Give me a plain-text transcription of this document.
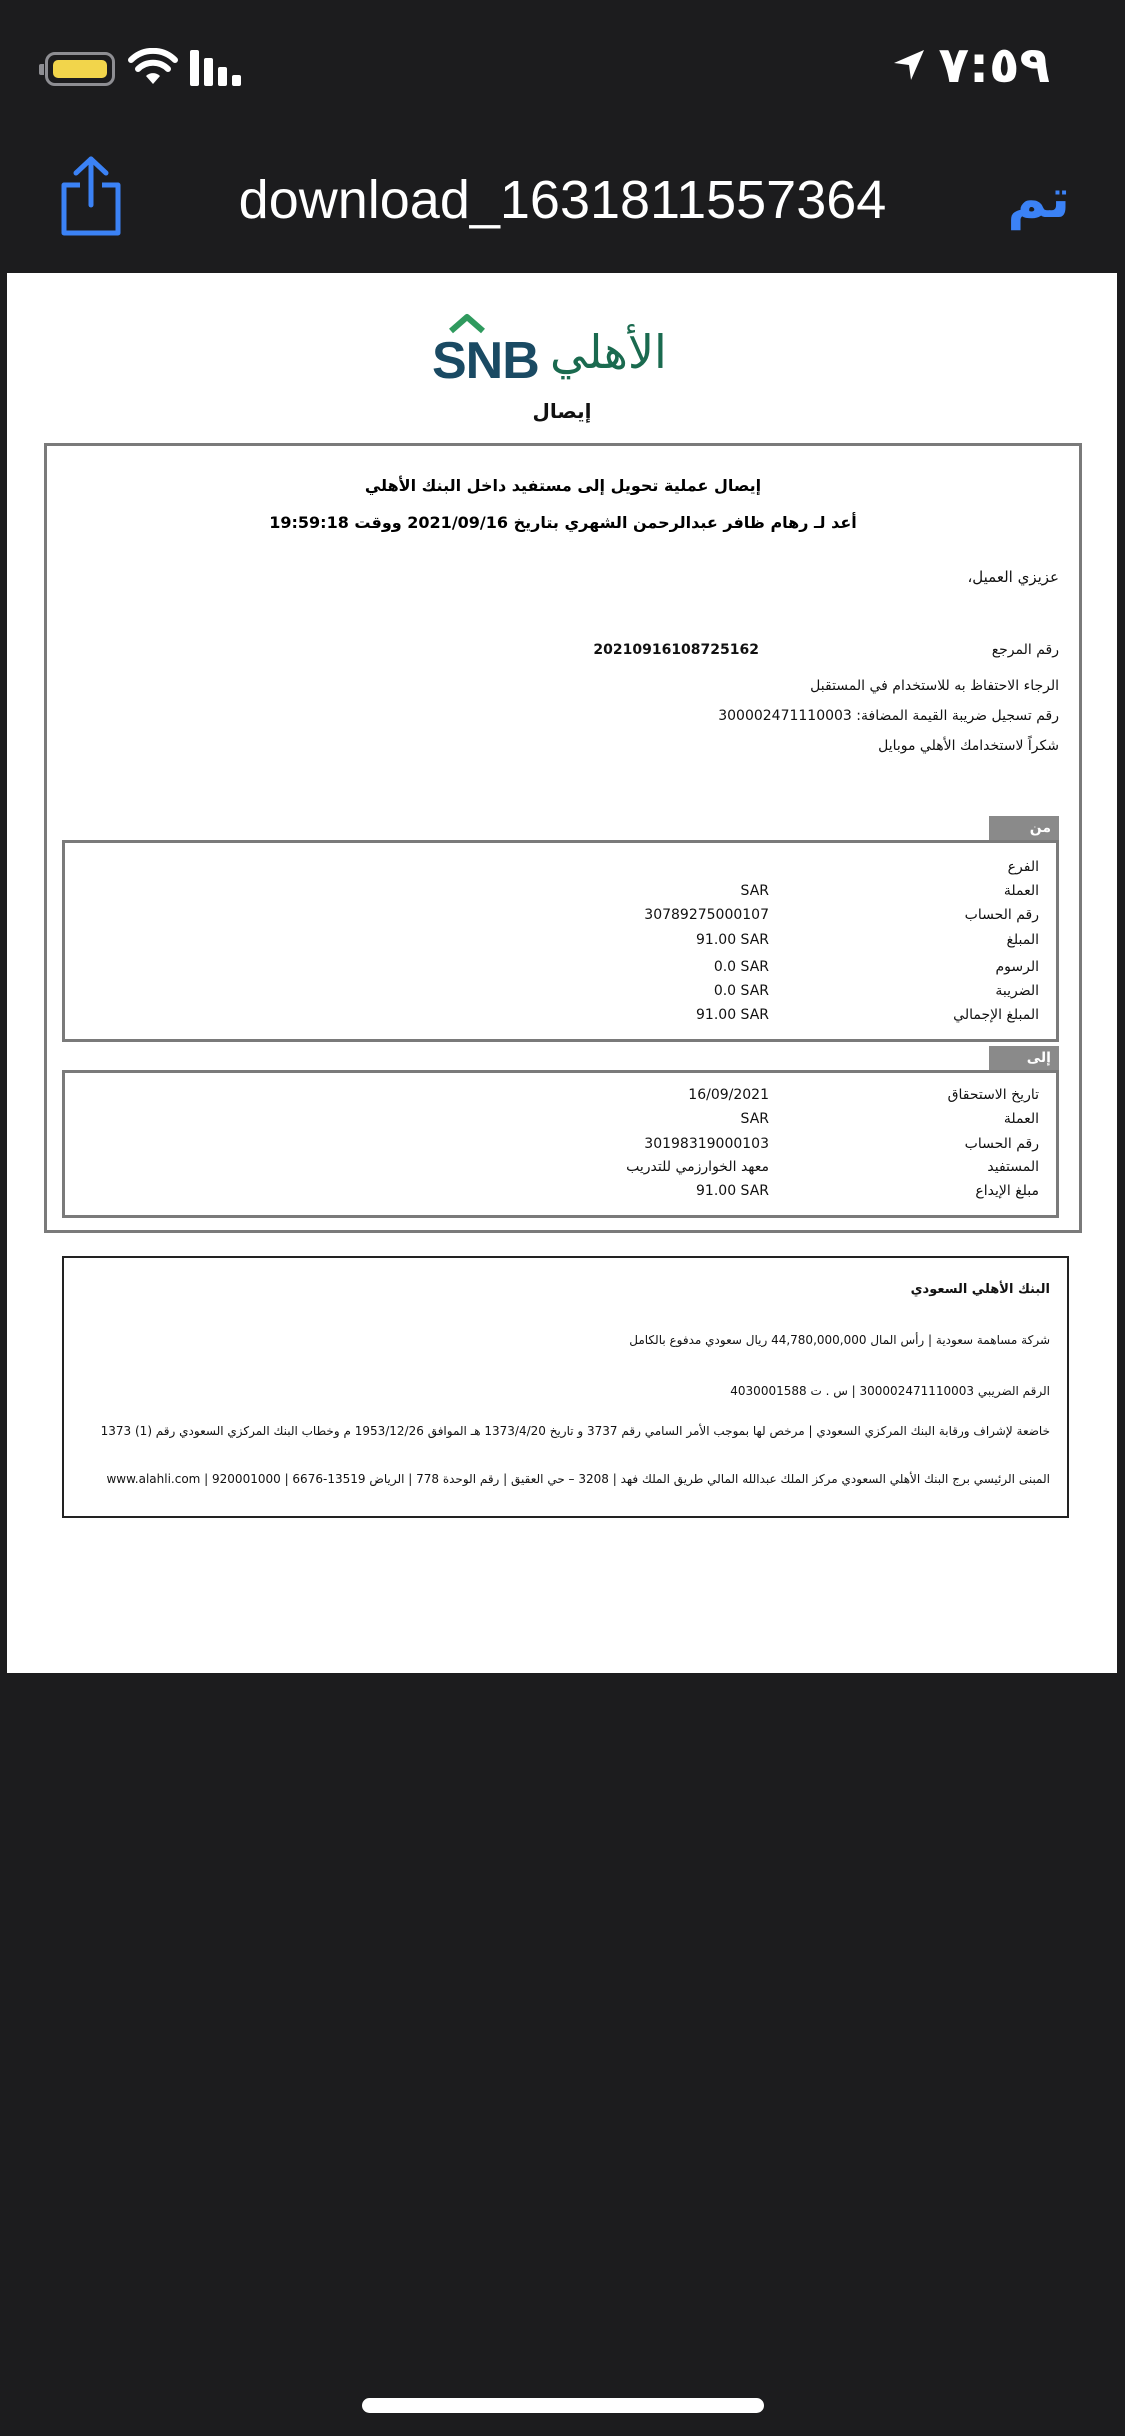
٧:٥٩
download_1631811557364	تم
SNB الأهلي
إيصال
إيصال عملية تحويل إلى مستفيد داخل البنك الأهلي
أعد لـ رهام ظافر عبدالرحمن الشهري بتاريخ 2021/09/16 ووقت 19:59:18
عزيزي العميل،
رقم المرجع
20210916108725162
الرجاء الاحتفاظ به للاستخدام في المستقبل
رقم تسجيل ضريبة القيمة المضافة: 300002471110003
شكراً لاستخدامك الأهلي موبايل
من
الفرع
العملة
SAR
رقم الحساب
30789275000107
المبلغ
91.00 SAR
الرسوم
0.0 SAR
الضريبة
0.0 SAR
المبلغ الإجمالي
91.00 SAR
إلى
تاريخ الاستحقاق
16/09/2021
العملة
SAR
رقم الحساب
30198319000103
المستفيد
معهد الخوارزمي للتدريب
مبلغ الإيداع
91.00 SAR
البنك الأهلي السعودي
شركة مساهمة سعودية | رأس المال 44,780,000,000 ريال سعودي مدفوع بالكامل
الرقم الضريبي 300002471110003 | س . ت 4030001588
خاضعة لإشراف ورقابة البنك المركزي السعودي | مرخص لها بموجب الأمر السامي رقم 3737 و تاريخ 1373/4/20 هـ الموافق 1953/12/26 م وخطاب البنك المركزي السعودي رقم (1) 1373
المبنى الرئيسي برج البنك الأهلي السعودي مركز الملك عبدالله المالي طريق الملك فهد | 3208 – حي العقيق | رقم الوحدة 778 | الرياض 13519-6676 | 920001000 | www.alahli.com
